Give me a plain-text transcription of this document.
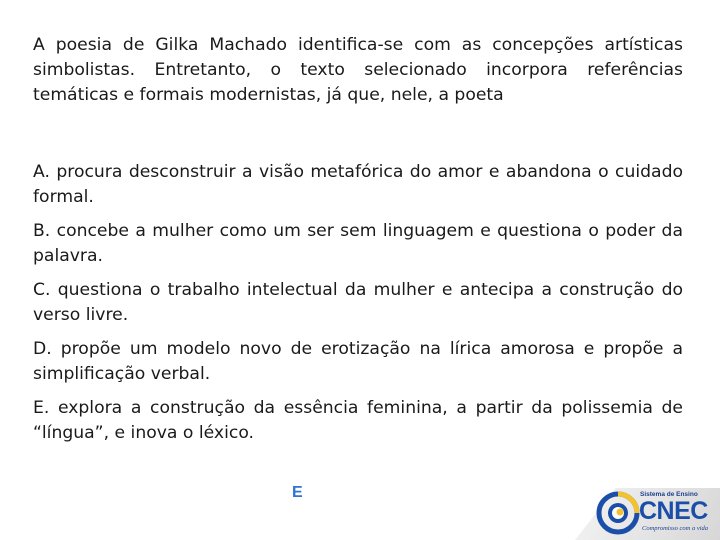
A poesia de Gilka Machado identifica-se com as concepções artísticas simbolistas. Entretanto, o texto selecionado incorpora referências temáticas e formais modernistas, já que, nele, a poeta

A. procura desconstruir a visão metafórica do amor e abandona o cuidado formal.
B. concebe a mulher como um ser sem linguagem e questiona o poder da palavra.
C. questiona o trabalho intelectual da mulher e antecipa a construção do verso livre.
D. propõe um modelo novo de erotização na lírica amorosa e propõe a simplificação verbal.
E. explora a construção da essência feminina, a partir da polissemia de “língua”, e inova o léxico.
E	Sistema de Ensino
CNEC
Compromisso com a vida
